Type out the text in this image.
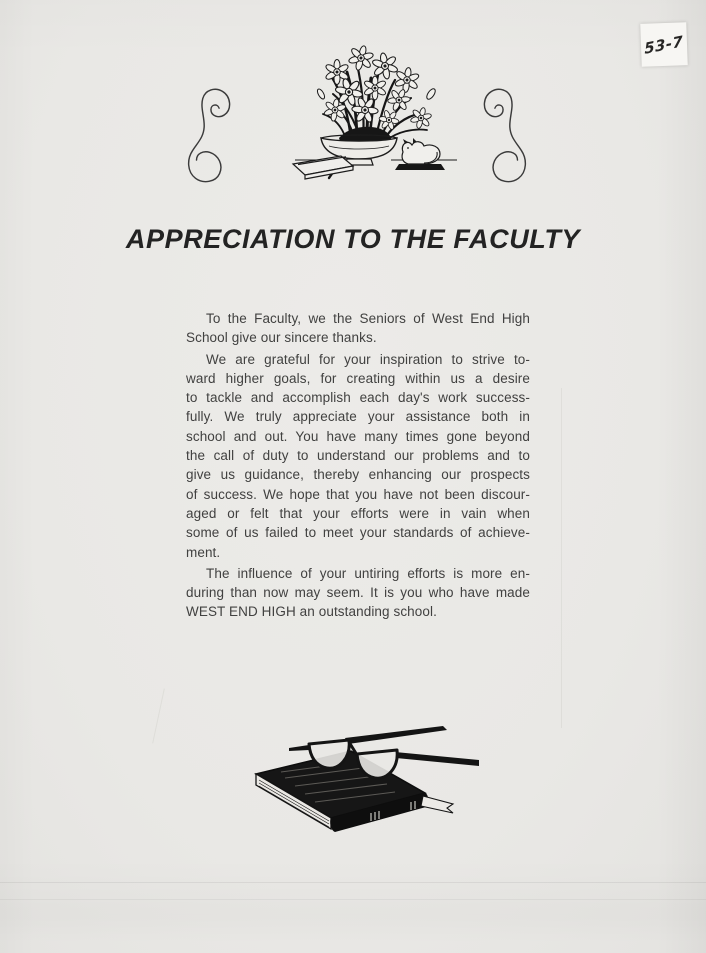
53-7
APPRECIATION TO THE FACULTY
To the Faculty, we the Seniors of West End High
School give our sincere thanks.
We are grateful for your inspiration to strive to-
ward higher goals, for creating within us a desire
to tackle and accomplish each day's work success-
fully. We truly appreciate your assistance both in
school and out. You have many times gone beyond
the call of duty to understand our problems and to
give us guidance, thereby enhancing our prospects
of success. We hope that you have not been discour-
aged or felt that your efforts were in vain when
some of us failed to meet your standards of achieve-
ment.
The influence of your untiring efforts is more en-
during than now may seem. It is you who have made
WEST END HIGH an outstanding school.
